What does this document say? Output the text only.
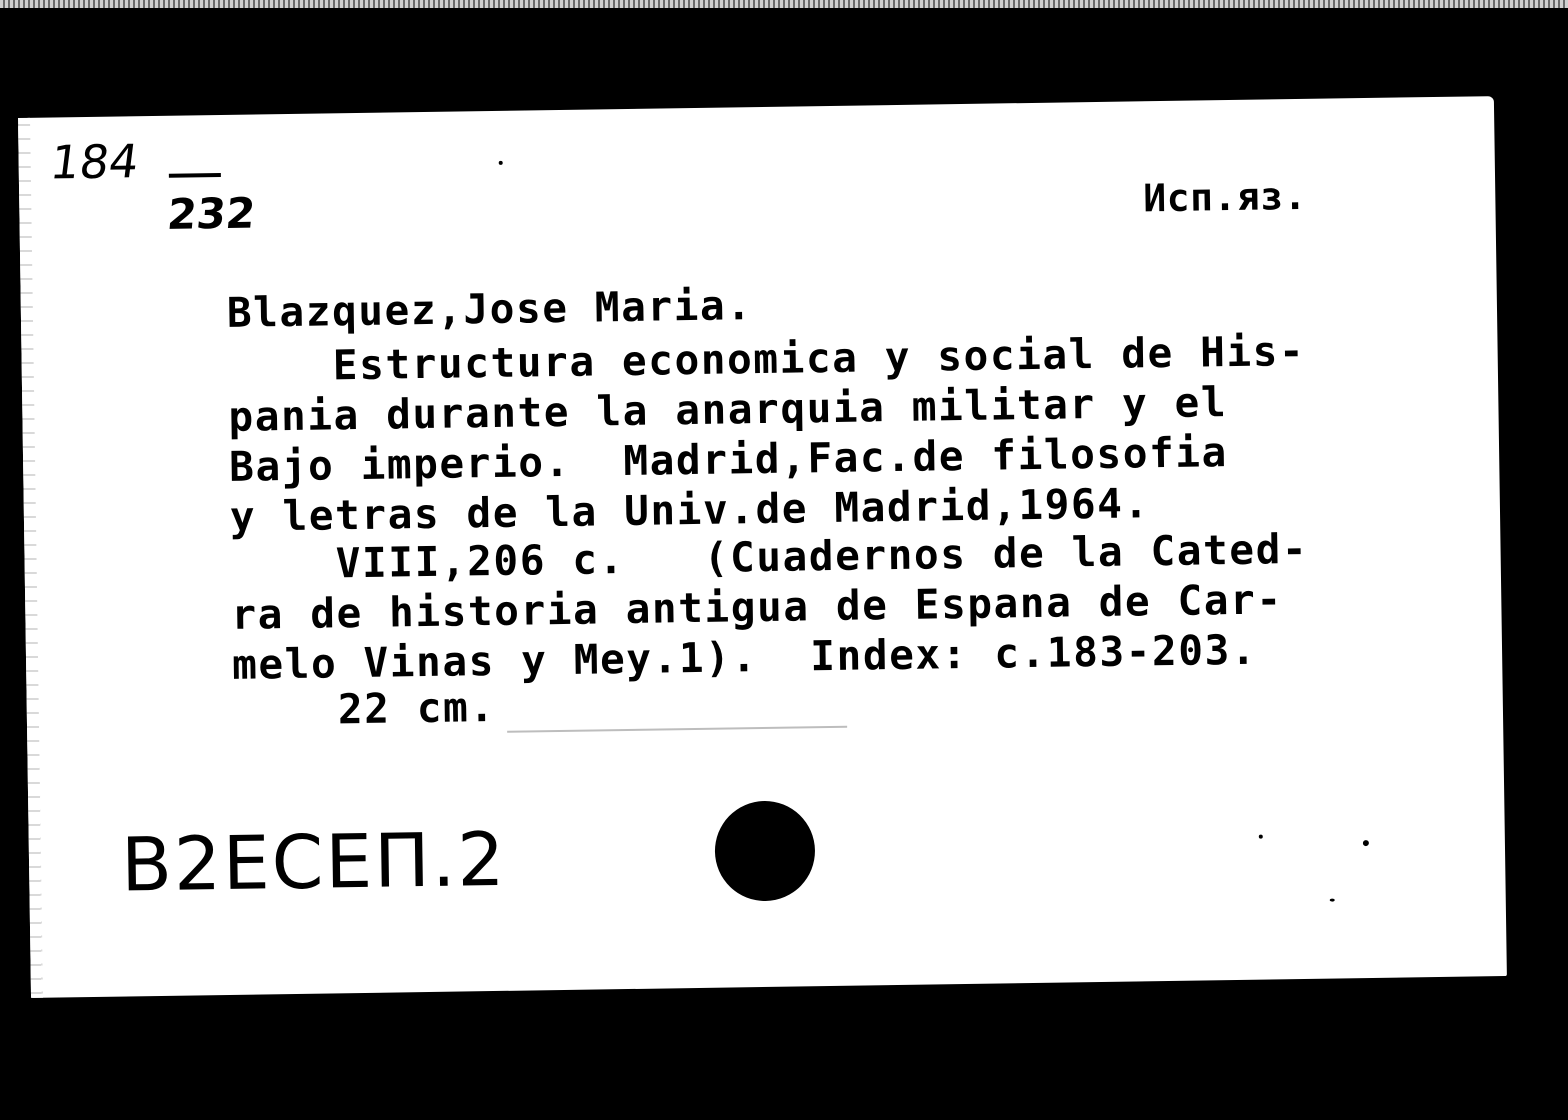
184
232	Исп.яз.
Blazquez,Jose Maria.
Estructura economica y social de His-
pania durante la anarquia militar y el
Bajo imperio.  Madrid,Fac.de filosofia
y letras de la Univ.de Madrid,1964.
VIII,206 c.   (Cuadernos de la Cated-
ra de historia antigua de Espana de Car-
melo Vinas y Mey.1).  Index: c.183-203.
22 cm.
B2ECEП.2
